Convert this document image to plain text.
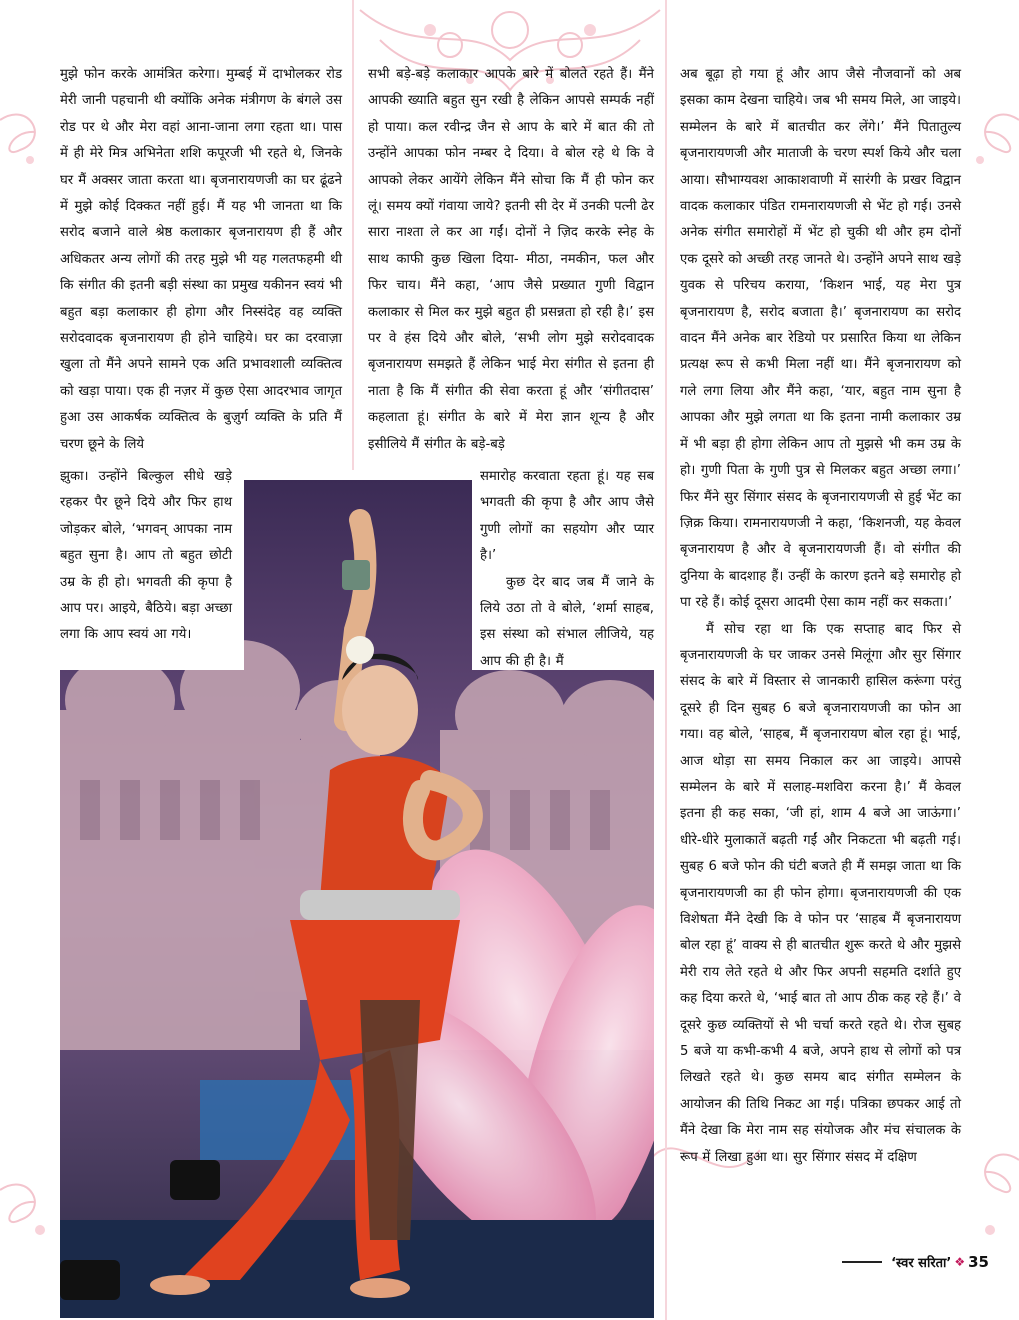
मुझे फोन करके आमंत्रित करेगा। मुम्बई में दाभोलकर रोड मेरी जानी पहचानी थी क्योंकि अनेक मंत्रीगण के बंगले उस रोड पर थे और मेरा वहां आना-जाना लगा रहता था। पास में ही मेरे मित्र अभिनेता शशि कपूरजी भी रहते थे, जिनके घर मैं अक्सर जाता करता था। बृजनारायणजी का घर ढूंढने में मुझे कोई दिक्कत नहीं हुई। मैं यह भी जानता था कि सरोद बजाने वाले श्रेष्ठ कलाकार बृजनारायण ही हैं और अधिकतर अन्य लोगों की तरह मुझे भी यह गलतफहमी थी कि संगीत की इतनी बड़ी संस्था का प्रमुख यकीनन स्वयं भी बहुत बड़ा कलाकार ही होगा और निस्संदेह वह व्यक्ति सरोदवादक बृजनारायण ही होने चाहिये। घर का दरवाज़ा खुला तो मैंने अपने सामने एक अति प्रभावशाली व्यक्तित्व को खड़ा पाया। एक ही नज़र में कुछ ऐसा आदरभाव जागृत हुआ उस आकर्षक व्यक्तित्व के बुज़ुर्ग व्यक्ति के प्रति मैं चरण छूने के लिये

झुका। उन्होंने बिल्कुल सीधे खड़े रहकर पैर छूने दिये और फिर हाथ जोड़कर बोले, ‘भगवन् आपका नाम बहुत सुना है। आप तो बहुत छोटी उम्र के ही हो। भगवती की कृपा है आप पर। आइये, बैठिये। बड़ा अच्छा लगा कि आप स्वयं आ गये।

सभी बड़े-बड़े कलाकार आपके बारे में बोलते रहते हैं। मैंने आपकी ख्याति बहुत सुन रखी है लेकिन आपसे सम्पर्क नहीं हो पाया। कल रवीन्द्र जैन से आप के बारे में बात की तो उन्होंने आपका फोन नम्बर दे दिया। वे बोल रहे थे कि वे आपको लेकर आयेंगे लेकिन मैंने सोचा कि मैं ही फोन कर लूं। समय क्यों गंवाया जाये? इतनी सी देर में उनकी पत्नी ढेर सारा नाश्ता ले कर आ गईं। दोनों ने ज़िद करके स्नेह के साथ काफी कुछ खिला दिया- मीठा, नमकीन, फल और फिर चाय। मैंने कहा, ‘आप जैसे प्रख्यात गुणी विद्वान कलाकार से मिल कर मुझे बहुत ही प्रसन्नता हो रही है।’ इस पर वे हंस दिये और बोले, ‘सभी लोग मुझे सरोदवादक बृजनारायण समझते हैं लेकिन भाई मेरा संगीत से इतना ही नाता है कि मैं संगीत की सेवा करता हूं और ‘संगीतदास’ कहलाता हूं। संगीत के बारे में मेरा ज्ञान शून्य है और इसीलिये मैं संगीत के बड़े-बड़े

समारोह करवाता रहता हूं। यह सब भगवती की कृपा है और आप जैसे गुणी लोगों का सहयोग और प्यार है।’

कुछ देर बाद जब मैं जाने के लिये उठा तो वे बोले, ‘शर्मा साहब, इस संस्था को संभाल लीजिये, यह आप की ही है। मैं

अब बूढ़ा हो गया हूं और आप जैसे नौजवानों को अब इसका काम देखना चाहिये। जब भी समय मिले, आ जाइये। सम्मेलन के बारे में बातचीत कर लेंगे।’ मैंने पितातुल्य बृजनारायणजी और माताजी के चरण स्पर्श किये और चला आया। सौभाग्यवश आकाशवाणी में सारंगी के प्रखर विद्वान वादक कलाकार पंडित रामनारायणजी से भेंट हो गई। उनसे अनेक संगीत समारोहों में भेंट हो चुकी थी और हम दोनों एक दूसरे को अच्छी तरह जानते थे। उन्होंने अपने साथ खड़े युवक से परिचय कराया, ‘किशन भाई, यह मेरा पुत्र बृजनारायण है, सरोद बजाता है।’ बृजनारायण का सरोद वादन मैंने अनेक बार रेडियो पर प्रसारित किया था लेकिन प्रत्यक्ष रूप से कभी मिला नहीं था। मैंने बृजनारायण को गले लगा लिया और मैंने कहा, ‘यार, बहुत नाम सुना है आपका और मुझे लगता था कि इतना नामी कलाकार उम्र में भी बड़ा ही होगा लेकिन आप तो मुझसे भी कम उम्र के हो। गुणी पिता के गुणी पुत्र से मिलकर बहुत अच्छा लगा।’ फिर मैंने सुर सिंगार संसद के बृजनारायणजी से हुई भेंट का ज़िक्र किया। रामनारायणजी ने कहा, ‘किशनजी, यह केवल बृजनारायण है और वे बृजनारायणजी हैं। वो संगीत की दुनिया के बादशाह हैं। उन्हीं के कारण इतने बड़े समारोह हो पा रहे हैं। कोई दूसरा आदमी ऐसा काम नहीं कर सकता।’

मैं सोच रहा था कि एक सप्ताह बाद फिर से बृजनारायणजी के घर जाकर उनसे मिलूंगा और सुर सिंगार संसद के बारे में विस्तार से जानकारी हासिल करूंगा परंतु दूसरे ही दिन सुबह 6 बजे बृजनारायणजी का फोन आ गया। वह बोले, ‘साहब, मैं बृजनारायण बोल रहा हूं। भाई, आज थोड़ा सा समय निकाल कर आ जाइये। आपसे सम्मेलन के बारे में सलाह-मशविरा करना है।’ मैं केवल इतना ही कह सका, ‘जी हां, शाम 4 बजे आ जाऊंगा।’ धीरे-धीरे मुलाकातें बढ़ती गईं और निकटता भी बढ़ती गई। सुबह 6 बजे फोन की घंटी बजते ही मैं समझ जाता था कि बृजनारायणजी का ही फोन होगा। बृजनारायणजी की एक विशेषता मैंने देखी कि वे फोन पर ‘साहब मैं बृजनारायण बोल रहा हूं’ वाक्य से ही बातचीत शुरू करते थे और मुझसे मेरी राय लेते रहते थे और फिर अपनी सहमति दर्शाते हुए कह दिया करते थे, ‘भाई बात तो आप ठीक कह रहे हैं।’ वे दूसरे कुछ व्यक्तियों से भी चर्चा करते रहते थे। रोज सुबह 5 बजे या कभी-कभी 4 बजे, अपने हाथ से लोगों को पत्र लिखते रहते थे। कुछ समय बाद संगीत सम्मेलन के आयोजन की तिथि निकट आ गई। पत्रिका छपकर आई तो मैंने देखा कि मेरा नाम सह संयोजक और मंच संचालक के रूप में लिखा हुआ था। सुर सिंगार संसद में दक्षिण

‘स्वर सरिता’ ❖ 35
